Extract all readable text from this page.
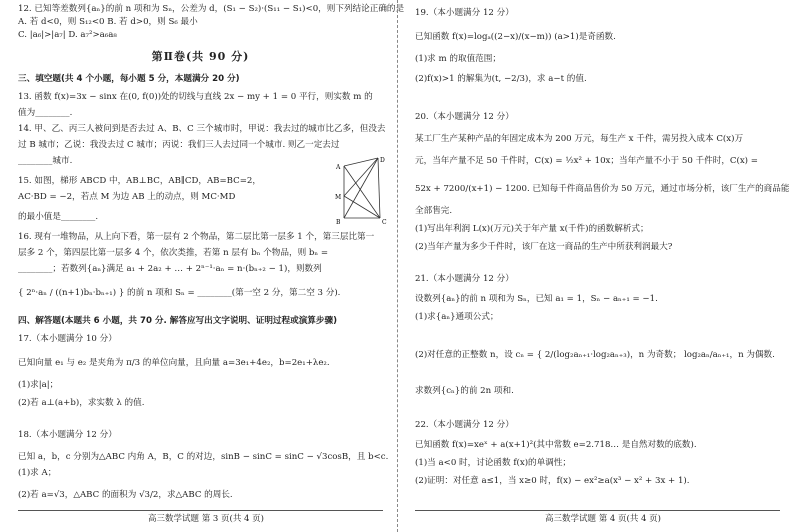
第Ⅱ卷(共 90 分)
A
B	C
D
M
高三数学试题 第 3 页(共 4 页)
12. 已知等差数列{aₙ}的前 n 项和为 Sₙ，公差为 d，(S₁ − S₂)·(S₁₁ − S₁)<0，则下列结论正确的是
A. 若 d<0，则 S₁₂<0 B. 若 d>0，则 S₆ 最小
C. |a₆|>|a₇| D. a₇²>a₆a₈
三、填空题(共 4 个小题，每小题 5 分，本题满分 20 分)
13. 函数 f(x)=3x − sinx 在(0, f(0))处的切线与直线 2x − my + 1 = 0 平行，则实数 m 的
值为________.
14. 甲、乙、丙三人被问到是否去过 A、B、C 三个城市时，甲说：我去过的城市比乙多，但没去
过 B 城市；乙说：我没去过 C 城市；丙说：我们三人去过同一个城市. 则乙一定去过
________城市.
15. 如图，梯形 ABCD 中，AB⊥BC，AB∥CD，AB=BC=2，
AC·BD = −2，若点 M 为边 AB 上的动点，则 MC·MD
的最小值是________.
16. 现有一堆物品，从上向下看，第一层有 2 个物品，第二层比第一层多 1 个，第三层比第一
层多 2 个，第四层比第一层多 4 个，依次类推，若第 n 层有 bₙ 个物品，则 bₙ =
________；若数列{aₙ}满足 a₁ + 2a₂ + … + 2ⁿ⁻¹·aₙ = n·(bₙ₊₂ − 1)，则数列
{ 2ⁿ·aₙ / ((n+1)bₙ·bₙ₊₁) } 的前 n 项和 Sₙ = ________(第一空 2 分，第二空 3 分).
四、解答题(本题共 6 小题，共 70 分. 解答应写出文字说明、证明过程或演算步骤)
17.（本小题满分 10 分）
已知向量 e₁ 与 e₂ 是夹角为 π/3 的单位向量，且向量 a=3e₁+4e₂，b=2e₁+λe₂.
(1)求|a|；
(2)若 a⊥(a+b)，求实数 λ 的值.
18.（本小题满分 12 分）
已知 a，b，c 分别为△ABC 内角 A，B，C 的对边，sinB − sinC = sinC − √3cosB，且 b<c.
(1)求 A；
(2)若 a=√3，△ABC 的面积为 √3/2，求△ABC 的周长.
高三数学试题 第 4 页(共 4 页)
19.（本小题满分 12 分）
已知函数 f(x)=logₐ((2−x)/(x−m)) (a>1)是奇函数.
(1)求 m 的取值范围；
(2)f(x)>1 的解集为(t, −2/3)，求 a−t 的值.
20.（本小题满分 12 分）
某工厂生产某种产品的年固定成本为 200 万元，每生产 x 千件，需另投入成本 C(x)万
元，当年产量不足 50 千件时，C(x) = ½x² + 10x；当年产量不小于 50 千件时，C(x) =
52x + 7200/(x+1) − 1200. 已知每千件商品售价为 50 万元，通过市场分析，该厂生产的商品能
全部售完.
(1)写出年利润 L(x)(万元)关于年产量 x(千件)的函数解析式；
(2)当年产量为多少千件时，该厂在这一商品的生产中所获利润最大?
21.（本小题满分 12 分）
设数列{aₙ}的前 n 项和为 Sₙ，已知 a₁ = 1，Sₙ − aₙ₊₁ = −1.
(1)求{aₙ}通项公式；
(2)对任意的正整数 n，设 cₙ = { 2/(log₂aₙ₊₁·log₂aₙ₊₃)，n 为奇数； log₂aₙ/aₙ₊₁，n 为偶数.
求数列{cₙ}的前 2n 项和.
22.（本小题满分 12 分）
已知函数 f(x)=xeˣ + a(x+1)²(其中常数 e=2.718… 是自然对数的底数).
(1)当 a<0 时，讨论函数 f(x)的单调性；
(2)证明：对任意 a≤1，当 x≥0 时，f(x) − ex²≥a(x³ − x² + 3x + 1).
